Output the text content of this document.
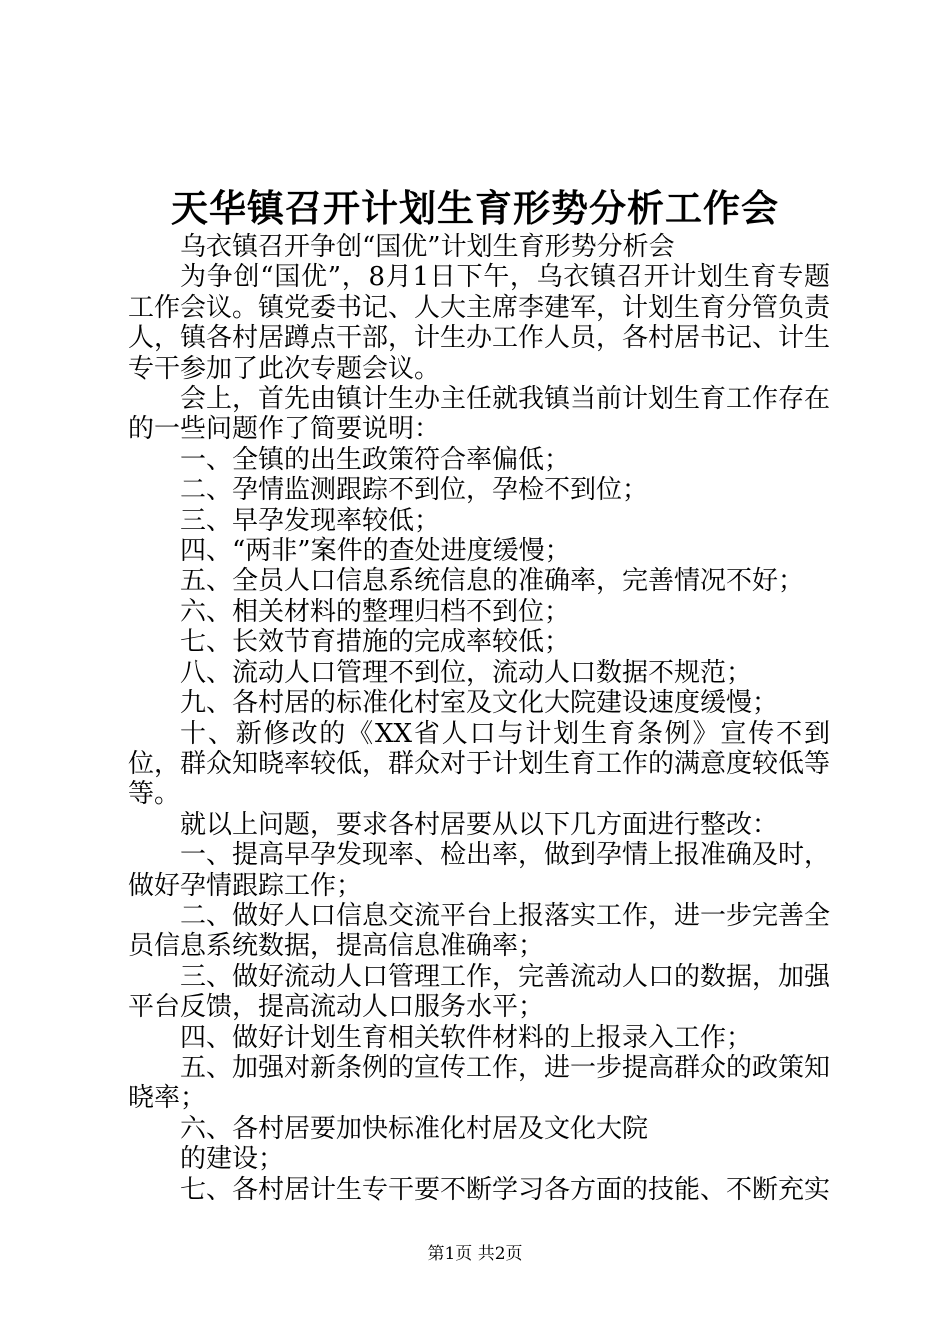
天华镇召开计划生育形势分析工作会

乌衣镇召开争创“国优”计划生育形势分析会

为争创“国优”，8月1日下午，乌衣镇召开计划生育专题工作会议。镇党委书记、人大主席李建军，计划生育分管负责人，镇各村居蹲点干部，计生办工作人员，各村居书记、计生专干参加了此次专题会议。

会上，首先由镇计生办主任就我镇当前计划生育工作存在的一些问题作了简要说明：

一、全镇的出生政策符合率偏低；

二、孕情监测跟踪不到位，孕检不到位；

三、早孕发现率较低；

四、“两非”案件的查处进度缓慢；

五、全员人口信息系统信息的准确率，完善情况不好；

六、相关材料的整理归档不到位；

七、长效节育措施的完成率较低；

八、流动人口管理不到位，流动人口数据不规范；

九、各村居的标准化村室及文化大院建设速度缓慢；

十、新修改的《XX省人口与计划生育条例》宣传不到位，群众知晓率较低，群众对于计划生育工作的满意度较低等等。

就以上问题，要求各村居要从以下几方面进行整改：

一、提高早孕发现率、检出率，做到孕情上报准确及时，做好孕情跟踪工作；

二、做好人口信息交流平台上报落实工作，进一步完善全员信息系统数据，提高信息准确率；

三、做好流动人口管理工作，完善流动人口的数据，加强平台反馈，提高流动人口服务水平；

四、做好计划生育相关软件材料的上报录入工作；

五、加强对新条例的宣传工作，进一步提高群众的政策知晓率；

六、各村居要加快标准化村居及文化大院

的建设；

七、各村居计生专干要不断学习各方面的技能、不断充实

第1页 共2页
